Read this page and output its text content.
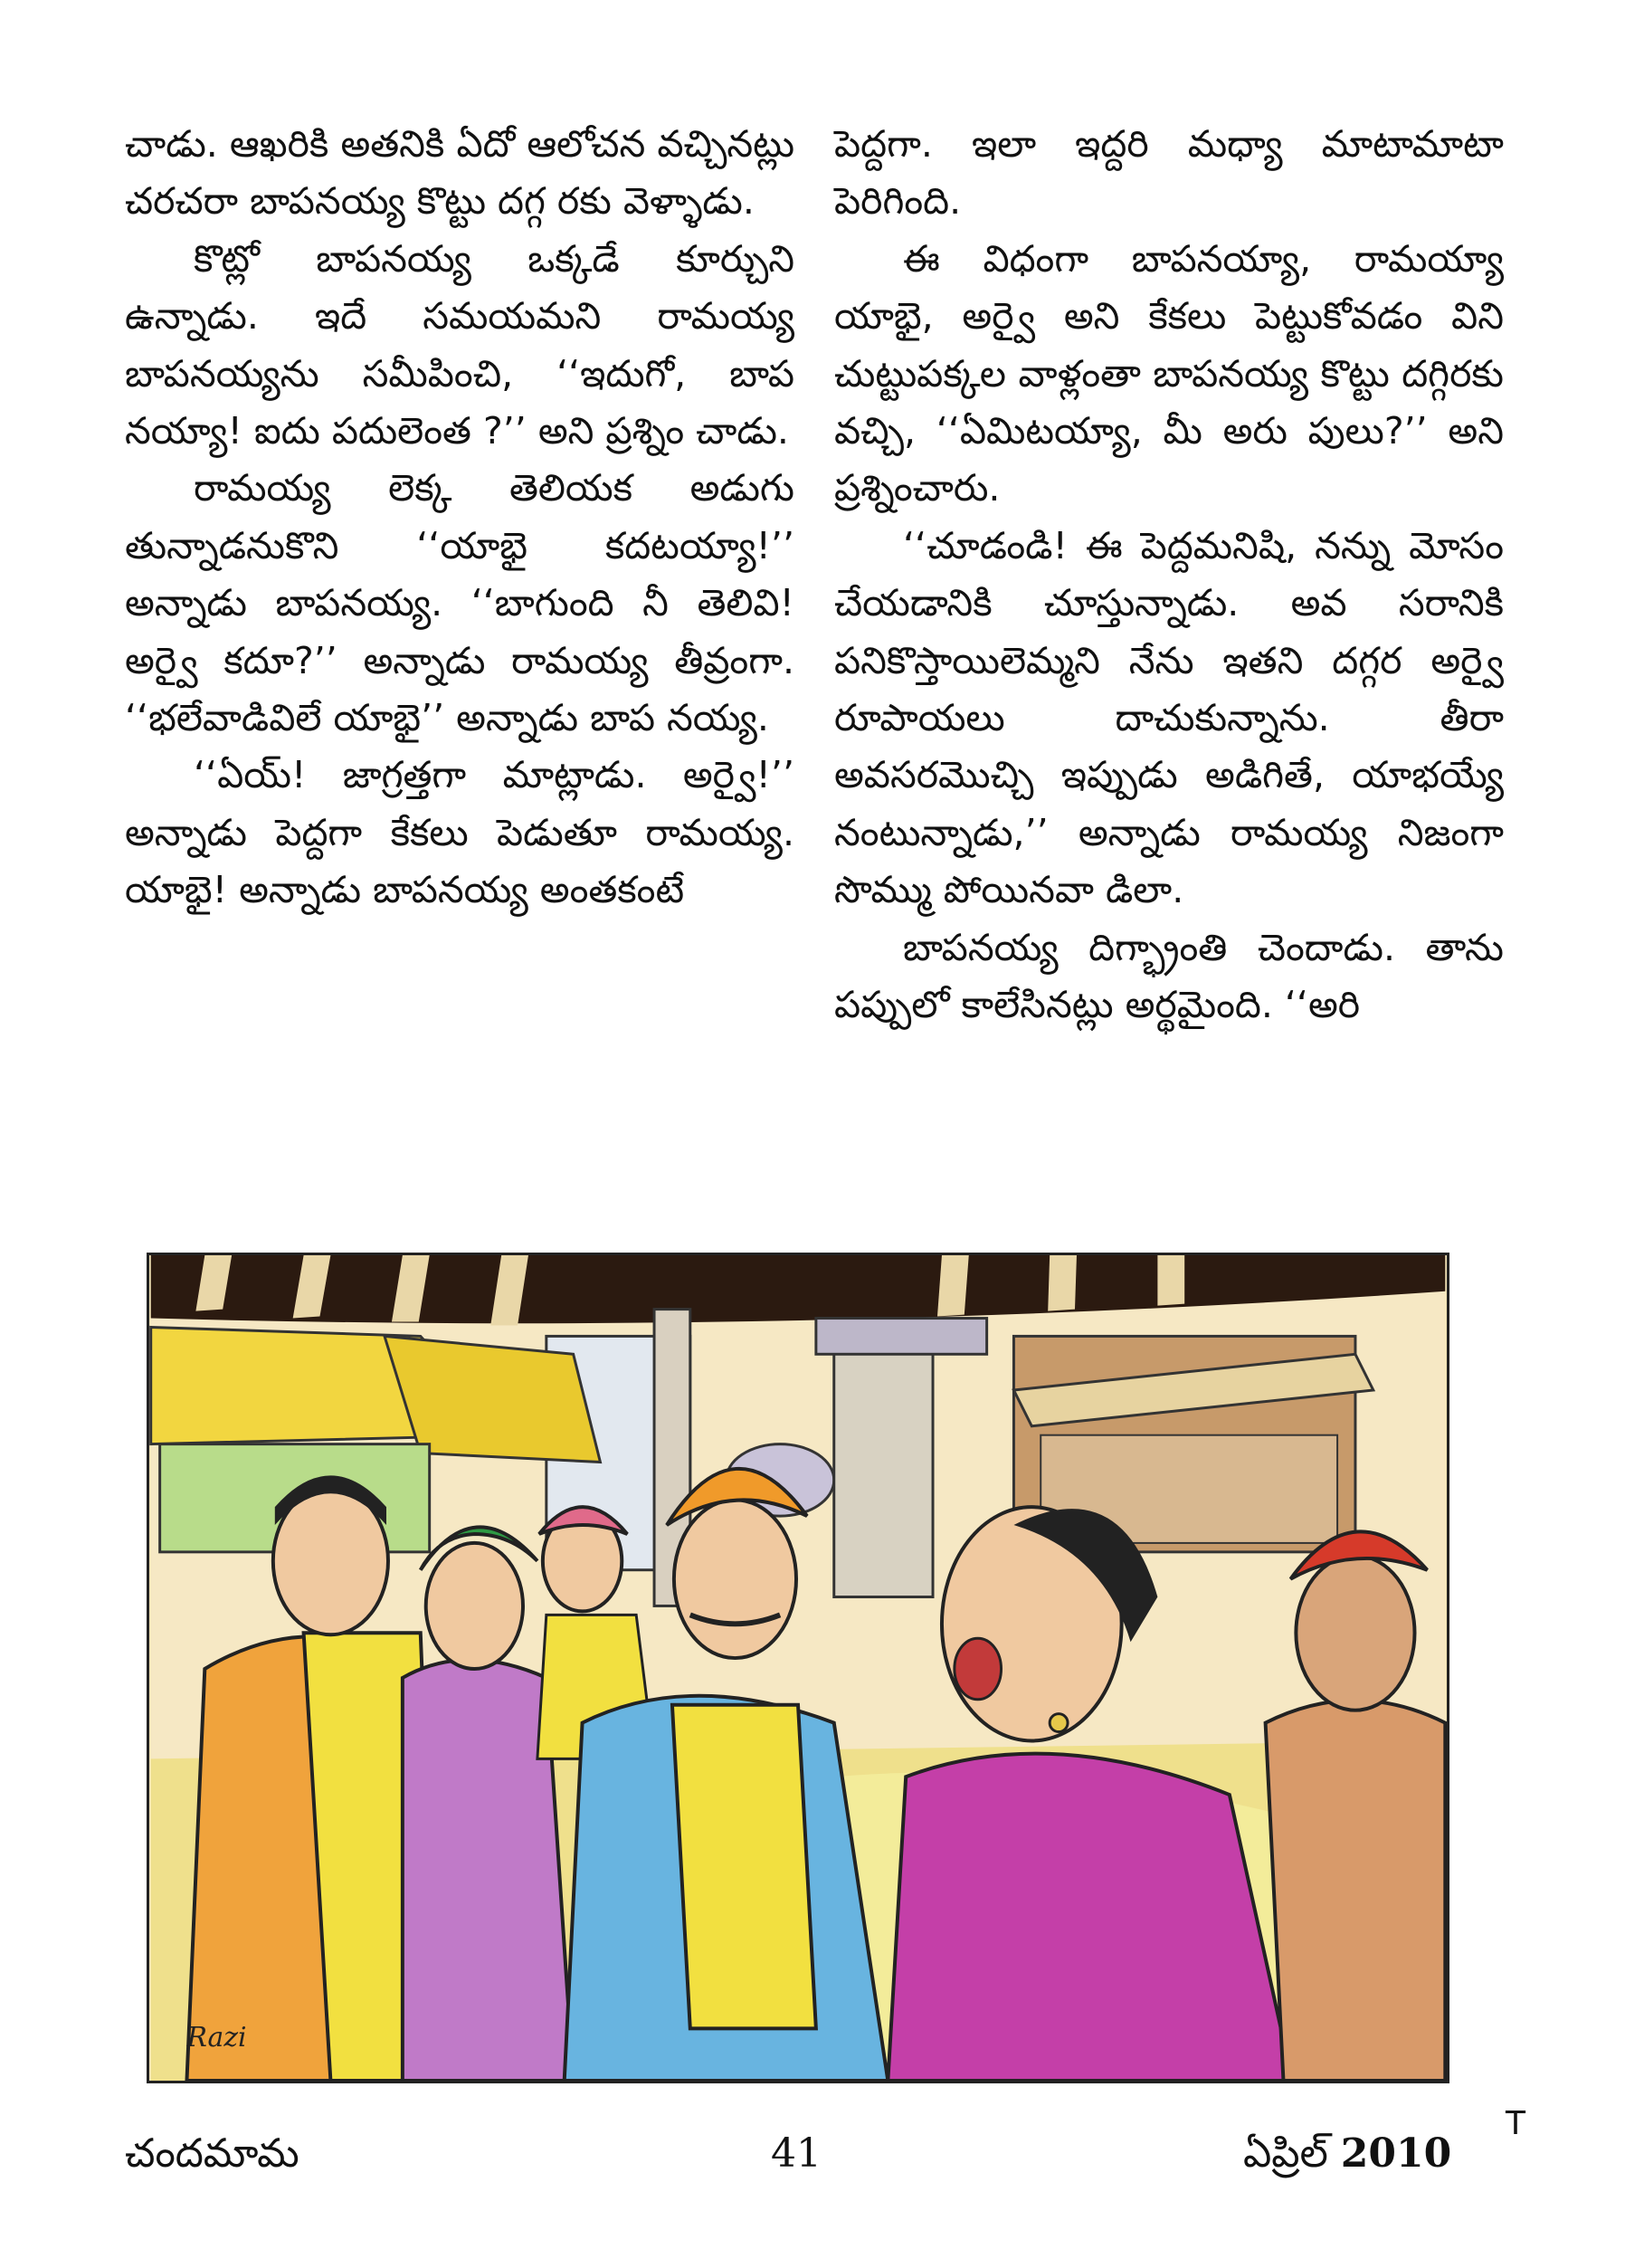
చాడు. ఆఖరికి అతనికి ఏదో ఆలోచన వచ్చినట్లు చరచరా బాపనయ్య కొట్టు దగ్గ రకు వెళ్ళాడు.

కొట్లో బాపనయ్య ఒక్కడే కూర్చుని ఉన్నాడు. ఇదే సమయమని రామయ్య బాపనయ్యను సమీపించి, ‘‘ఇదుగో, బాప నయ్యా! ఐదు పదులెంత ?’’ అని ప్రశ్నిం చాడు.

రామయ్య లెక్క తెలియక అడుగు తున్నాడనుకొని ‘‘యాభై కదటయ్యా!’’ అన్నాడు బాపనయ్య. ‘‘బాగుంది నీ తెలివి! అర్వై కదూ?’’ అన్నాడు రామయ్య తీవ్రంగా. ‘‘భలేవాడివిలే యాభై’’ అన్నాడు బాప నయ్య.

‘‘ఏయ్! జాగ్రత్తగా మాట్లాడు. అర్వై!’’ అన్నాడు పెద్దగా కేకలు పెడుతూ రామయ్య. యాభై! అన్నాడు బాపనయ్య అంతకంటే

పెద్దగా. ఇలా ఇద్దరి మధ్యా మాటామాటా పెరిగింది.

ఈ విధంగా బాపనయ్యా, రామయ్యా యాభై, అర్వై అని కేకలు పెట్టుకోవడం విని చుట్టుపక్కల వాళ్లంతా బాపనయ్య కొట్టు దగ్గిరకు వచ్చి, ‘‘ఏమిటయ్యా, మీ అరు పులు?’’ అని ప్రశ్నించారు.

‘‘చూడండి! ఈ పెద్దమనిషి, నన్ను మోసం చేయడానికి చూస్తున్నాడు. అవ సరానికి పనికొస్తాయిలెమ్మని నేను ఇతని దగ్గర అర్వై రూపాయలు దాచుకున్నాను. తీరా అవసరమొచ్చి ఇప్పుడు అడిగితే, యాభయ్యే నంటున్నాడు,’’ అన్నాడు రామయ్య నిజంగా సొమ్ము పోయినవా డిలా.

బాపనయ్య దిగ్భ్రాంతి చెందాడు. తాను పప్పులో కాలేసినట్లు అర్థమైంది. ‘‘అరి

Razi
చందమామ	41	ఏప్రిల్ 2010
T
